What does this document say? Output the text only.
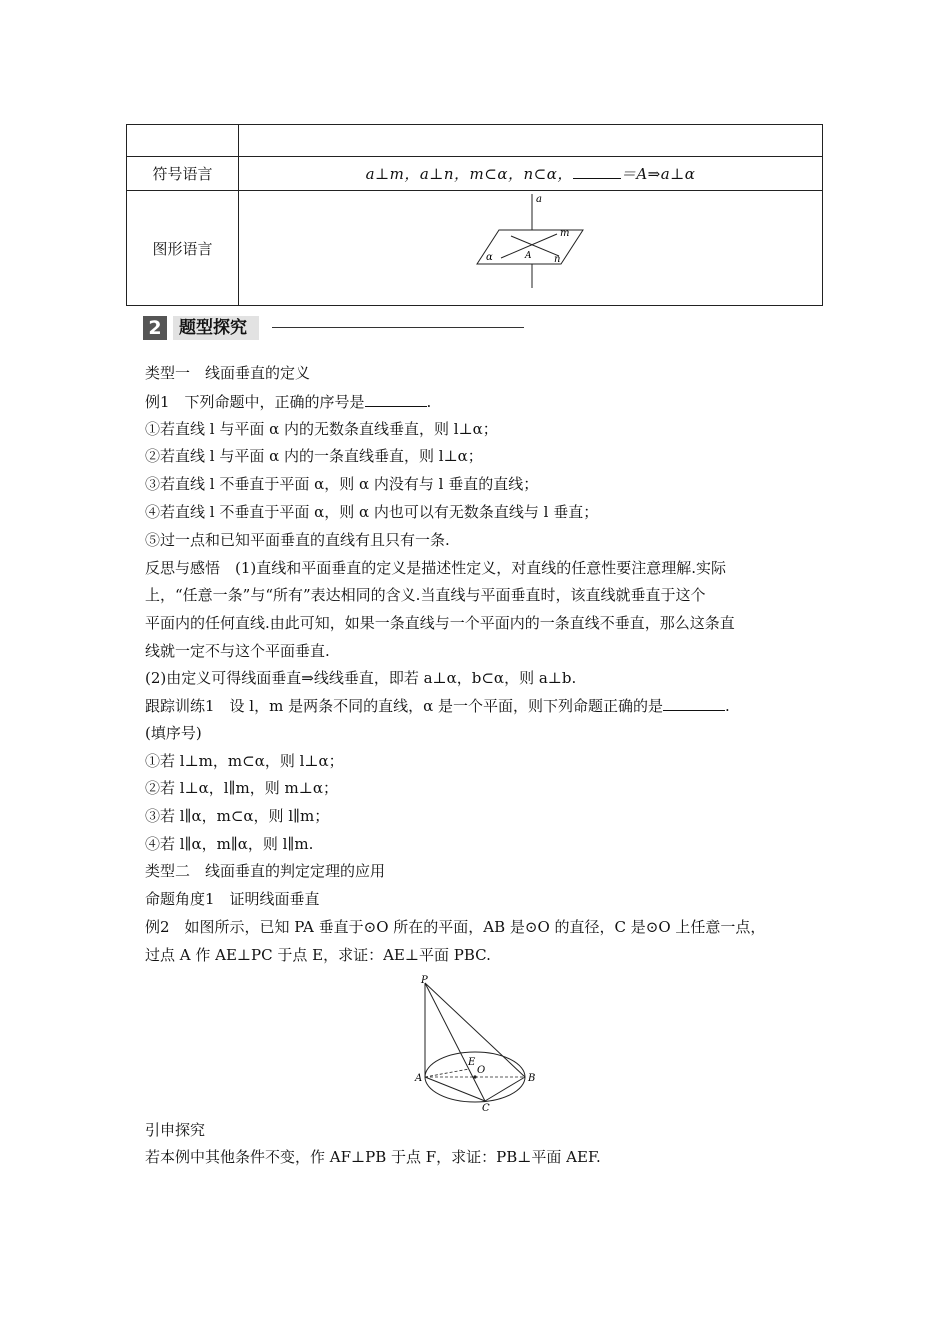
符号语言	a⊥m，a⊥n，m⊂α，n⊂α， ＝A⇒a⊥α
图形语言	a
m
n
α A
2	题型探究
类型一　线面垂直的定义
例1　下列命题中，正确的序号是	.
①若直线 l 与平面 α 内的无数条直线垂直，则 l⊥α；
②若直线 l 与平面 α 内的一条直线垂直，则 l⊥α；
③若直线 l 不垂直于平面 α，则 α 内没有与 l 垂直的直线；
④若直线 l 不垂直于平面 α，则 α 内也可以有无数条直线与 l 垂直；
⑤过一点和已知平面垂直的直线有且只有一条.
反思与感悟　(1)直线和平面垂直的定义是描述性定义，对直线的任意性要注意理解.实际
上，“任意一条”与“所有”表达相同的含义.当直线与平面垂直时，该直线就垂直于这个
平面内的任何直线.由此可知，如果一条直线与一个平面内的一条直线不垂直，那么这条直
线就一定不与这个平面垂直.
(2)由定义可得线面垂直⇒线线垂直，即若 a⊥α，b⊂α，则 a⊥b.
跟踪训练1　设 l，m 是两条不同的直线，α 是一个平面，则下列命题正确的是	.
(填序号)
①若 l⊥m，m⊂α，则 l⊥α；
②若 l⊥α，l∥m，则 m⊥α；
③若 l∥α，m⊂α，则 l∥m；
④若 l∥α，m∥α，则 l∥m.
类型二　线面垂直的判定定理的应用
命题角度1　证明线面垂直
例2　如图所示，已知 PA 垂直于⊙O 所在的平面，AB 是⊙O 的直径，C 是⊙O 上任意一点，
过点 A 作 AE⊥PC 于点 E，求证：AE⊥平面 PBC.
P
A	B
C
E
O
引申探究
若本例中其他条件不变，作 AF⊥PB 于点 F，求证：PB⊥平面 AEF.
